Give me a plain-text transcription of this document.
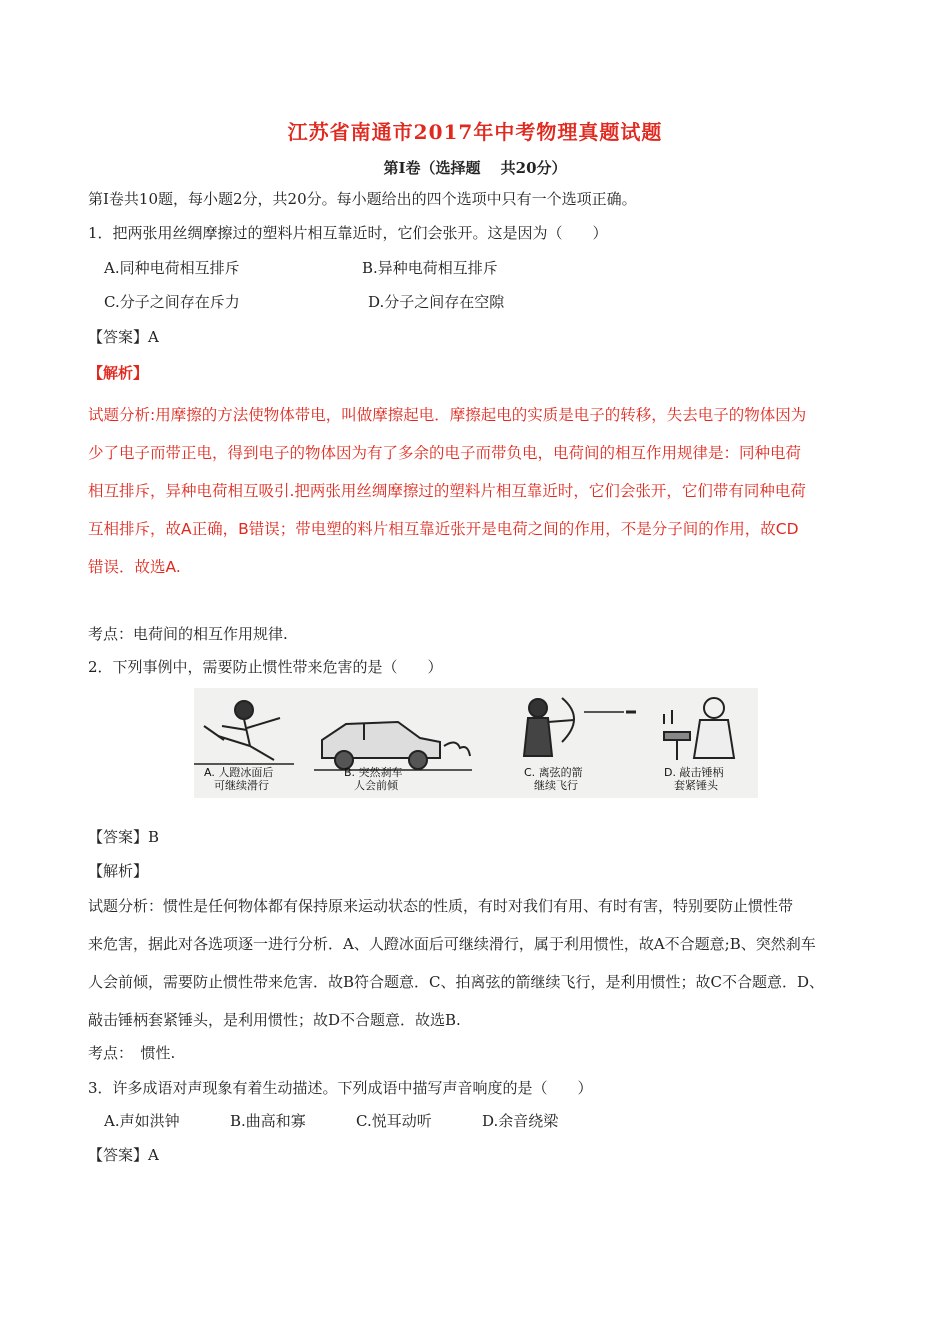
江苏省南通市2017年中考物理真题试题
第Ⅰ卷（选择题　 共20分）
第Ⅰ卷共10题，每小题2分，共20分。每小题给出的四个选项中只有一个选项正确。
1．把两张用丝绸摩擦过的塑料片相互靠近时，它们会张开。这是因为（　　）
A.同种电荷相互排斥	B.异种电荷相互排斥
C.分子之间存在斥力	D.分子之间存在空隙
【答案】A
【解析】
试题分析:用摩擦的方法使物体带电，叫做摩擦起电．摩擦起电的实质是电子的转移，失去电子的物体因为
少了电子而带正电，得到电子的物体因为有了多余的电子而带负电，电荷间的相互作用规律是：同种电荷
相互排斥，异种电荷相互吸引.把两张用丝绸摩擦过的塑料片相互靠近时，它们会张开，它们带有同种电荷
互相排斥，故A正确，B错误；带电塑的料片相互靠近张开是电荷之间的作用，不是分子间的作用，故CD
错误．故选A.
考点：电荷间的相互作用规律.
2．下列事例中，需要防止惯性带来危害的是（　　）
A. 人蹬冰面后
可继续滑行
B. 突然刹车
人会前倾
C. 离弦的箭
继续飞行
D. 敲击锤柄
套紧锤头
【答案】B
【解析】
试题分析：惯性是任何物体都有保持原来运动状态的性质，有时对我们有用、有时有害，特别要防止惯性带
来危害，据此对各选项逐一进行分析．A、人蹬冰面后可继续滑行，属于利用惯性，故A不合题意;B、突然刹车
人会前倾，需要防止惯性带来危害．故B符合题意．C、拍离弦的箭继续飞行，是利用惯性；故C不合题意．D、
敲击锤柄套紧锤头，是利用惯性；故D不合题意．故选B.
考点：　惯性.
3．许多成语对声现象有着生动描述。下列成语中描写声音响度的是（　　）
A.声如洪钟	B.曲高和寡	C.悦耳动听	D.余音绕梁
【答案】A
